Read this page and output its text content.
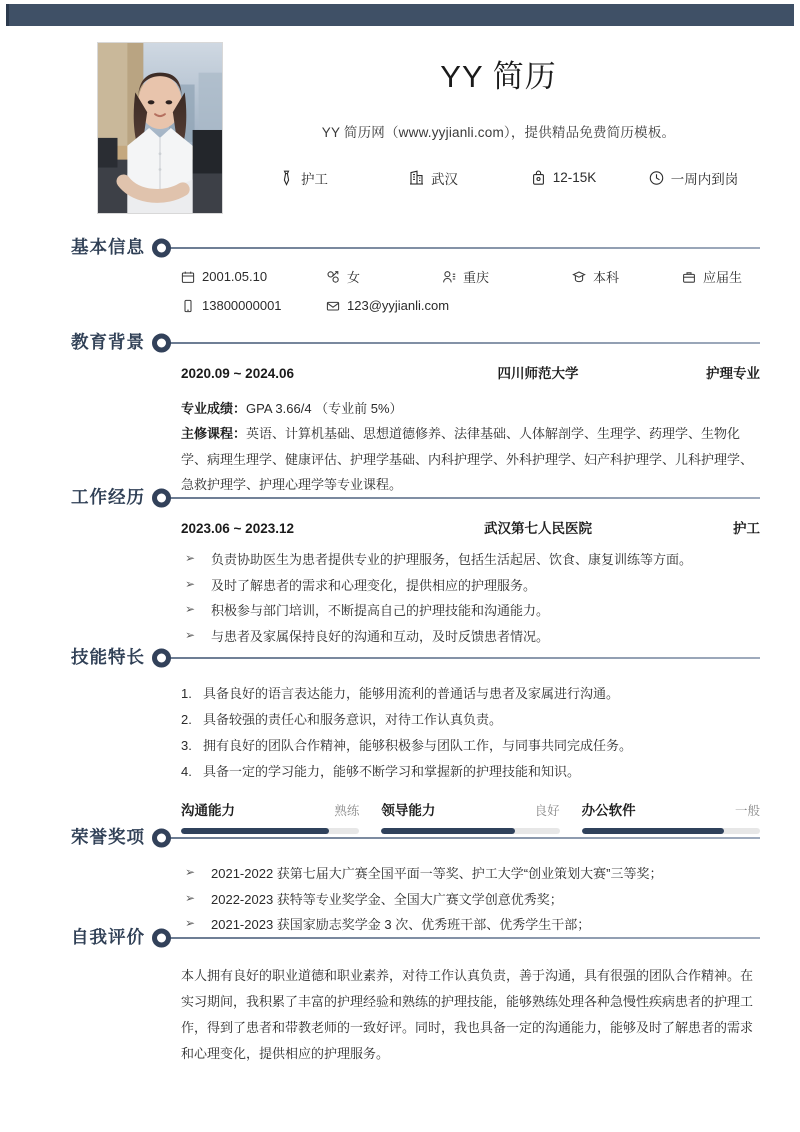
YY 简历
YY 简历网（www.yyjianli.com），提供精品免费简历模板。
护工	武汉	12-15K	一周内到岗
基本信息
2001.05.10	女	重庆	本科	应届生
13800000001	123@yyjianli.com
教育背景
2020.09 ~ 2024.06	四川师范大学	护理专业
专业成绩：GPA 3.66/4 （专业前 5%）
主修课程：英语、计算机基础、思想道德修养、法律基础、人体解剖学、生理学、药理学、生物化学、病理生理学、健康评估、护理学基础、内科护理学、外科护理学、妇产科护理学、儿科护理学、急救护理学、护理心理学等专业课程。
工作经历
2023.06 ~ 2023.12	武汉第七人民医院	护工
➢ 负责协助医生为患者提供专业的护理服务，包括生活起居、饮食、康复训练等方面。
➢ 及时了解患者的需求和心理变化，提供相应的护理服务。
➢ 积极参与部门培训，不断提高自己的护理技能和沟通能力。
➢ 与患者及家属保持良好的沟通和互动，及时反馈患者情况。
技能特长
具备良好的语言表达能力，能够用流利的普通话与患者及家属进行沟通。
具备较强的责任心和服务意识，对待工作认真负责。
拥有良好的团队合作精神，能够积极参与团队工作，与同事共同完成任务。
具备一定的学习能力，能够不断学习和掌握新的护理技能和知识。
沟通能力	熟练 领导能力	良好 办公软件	一般
荣誉奖项
➢ 2021-2022 获第七届大广赛全国平面一等奖、护工大学“创业策划大赛”三等奖；
➢ 2022-2023 获特等专业奖学金、全国大广赛文学创意优秀奖；
➢ 2021-2023 获国家励志奖学金 3 次、优秀班干部、优秀学生干部；
自我评价

本人拥有良好的职业道德和职业素养，对待工作认真负责，善于沟通，具有很强的团队合作精神。在实习期间，我积累了丰富的护理经验和熟练的护理技能，能够熟练处理各种急慢性疾病患者的护理工作，得到了患者和带教老师的一致好评。同时，我也具备一定的沟通能力，能够及时了解患者的需求和心理变化，提供相应的护理服务。
